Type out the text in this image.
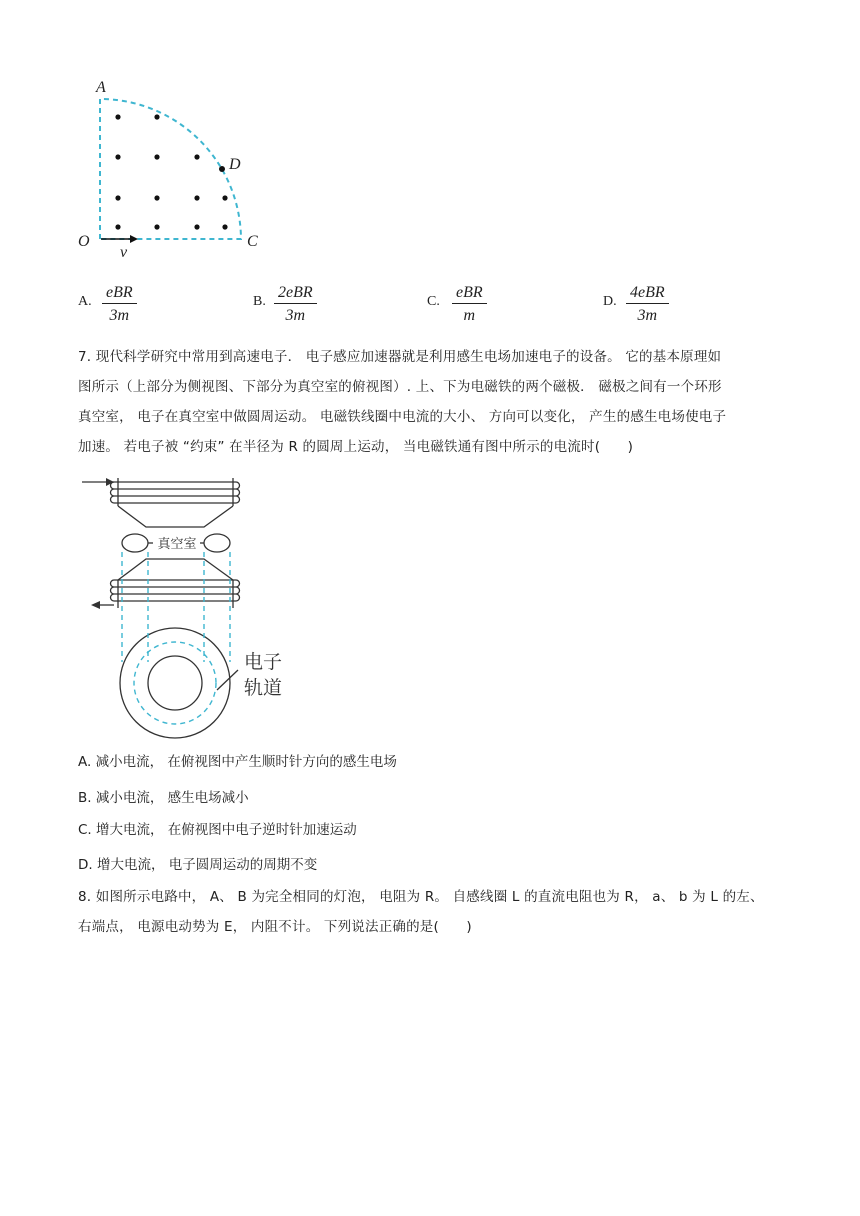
A
D
O	C
v
A.
eBR
3m
B.
2eBR
3m
C.
eBR
m
D.
4eBR
3m
7. 现代科学研究中常用到高速电子． 电子感应加速器就是利用感生电场加速电子的设备。 它的基本原理如
图所示（上部分为侧视图、下部分为真空室的俯视图）. 上、下为电磁铁的两个磁极． 磁极之间有一个环形
真空室， 电子在真空室中做圆周运动。 电磁铁线圈中电流的大小、 方向可以变化， 产生的感生电场使电子
加速。 若电子被 “约束” 在半径为 R 的圆周上运动， 当电磁铁通有图中所示的电流时(　　)
真空室
电子
轨道
A. 减小电流， 在俯视图中产生顺时针方向的感生电场
B. 减小电流， 感生电场减小
C. 增大电流， 在俯视图中电子逆时针加速运动
D. 增大电流， 电子圆周运动的周期不变
8. 如图所示电路中， A、 B 为完全相同的灯泡， 电阻为 R。 自感线圈 L 的直流电阻也为 R， a、 b 为 L 的左、
右端点， 电源电动势为 E， 内阻不计。 下列说法正确的是(　　)
